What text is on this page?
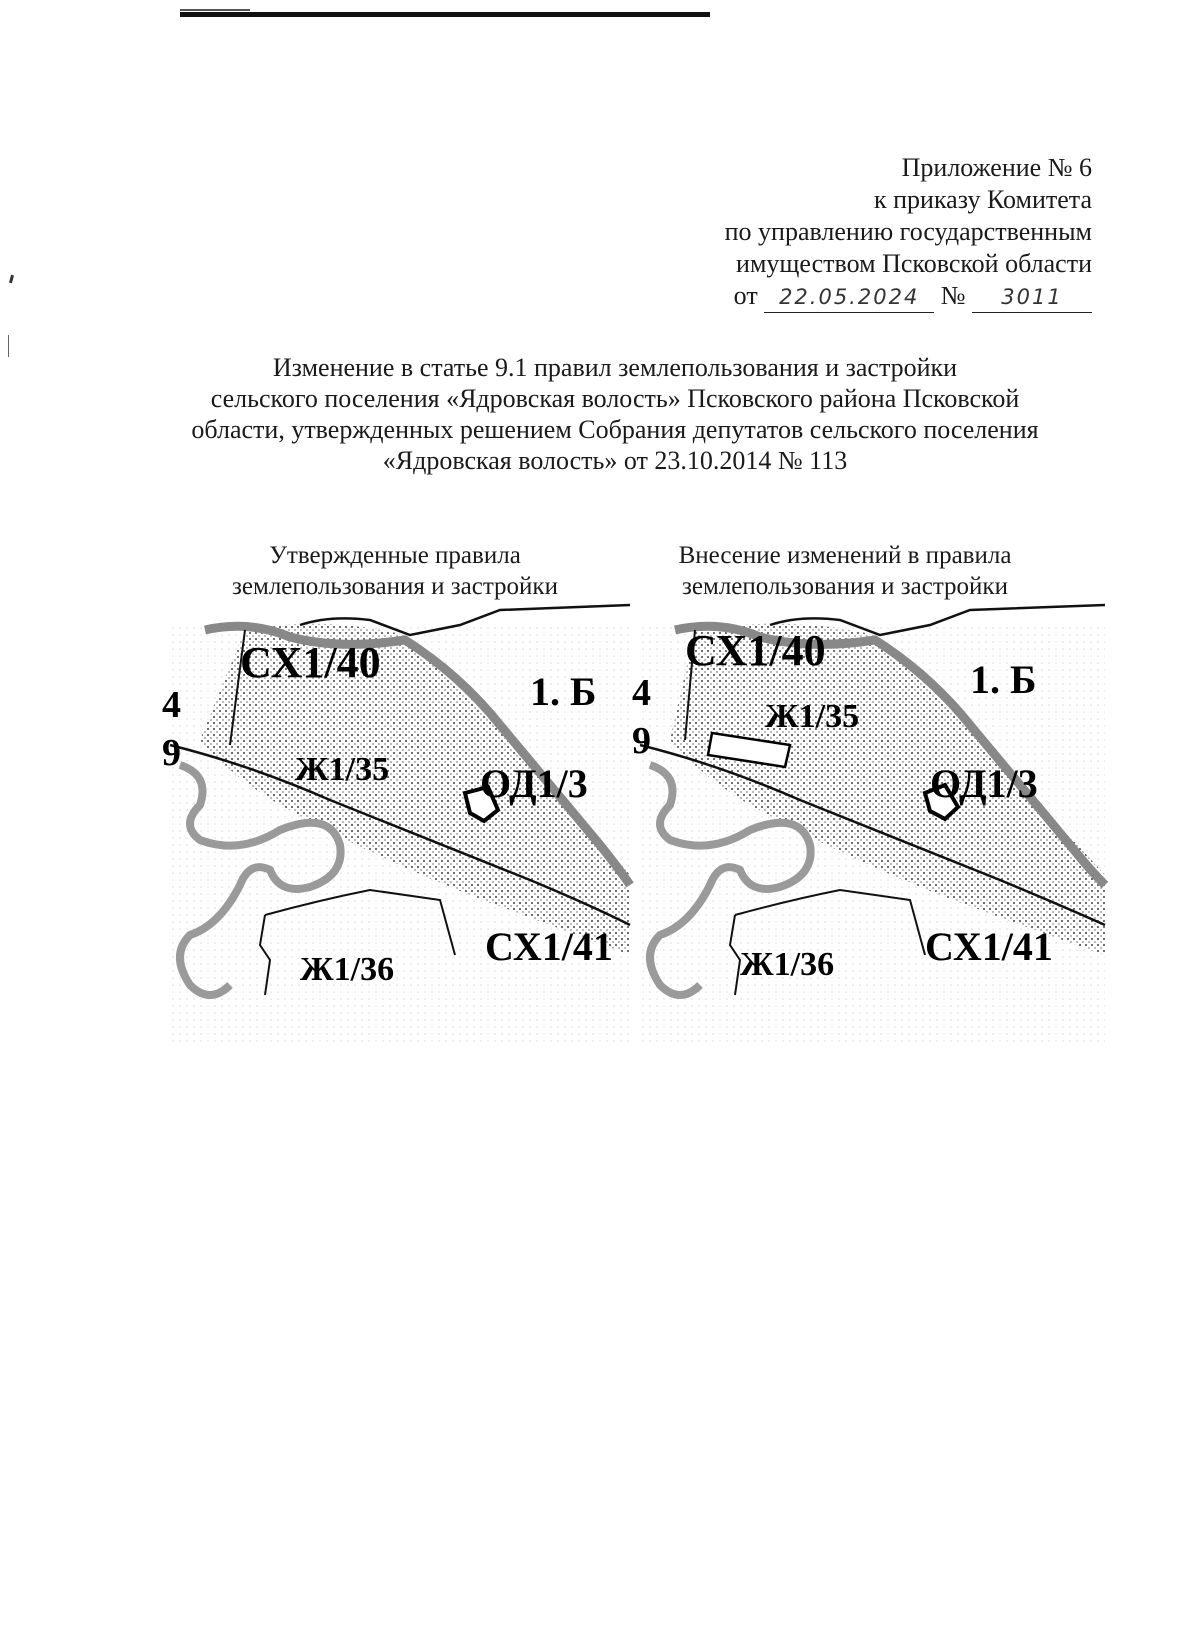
Приложение № 6
к приказу Комитета
по управлению государственным
имуществом Псковской области
от 22.05.2024 № 3011
Изменение в статье 9.1 правил землепользования и застройки
сельского поселения «Ядровская волость» Псковского района Псковской
области, утвержденных решением Собрания депутатов сельского поселения
«Ядровская волость» от 23.10.2014 № 113
Утвержденные правила
землепользования и застройки
Внесение изменений в правила
землепользования и застройки
СХ1/40
Ж1/35 ОД1/3
1. Б
Ж1/36
СХ1/41
4
9
СХ1/40
Ж1/35
ОД1/3
1. Б
Ж1/36 СХ1/41
4
9
